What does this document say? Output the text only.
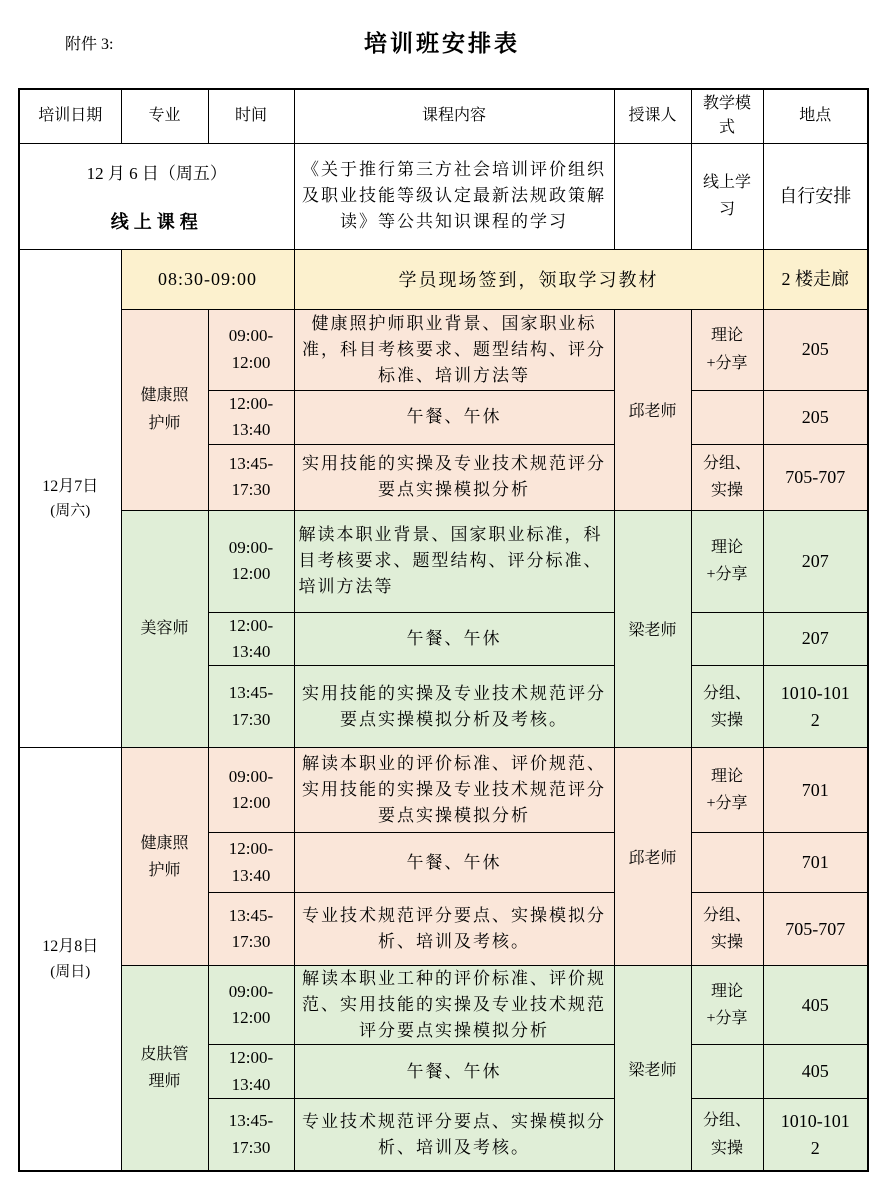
附件 3:	培训班安排表
培训日期	专业	时间	课程内容	授课人	教学模式	地点

12 月 6 日（周五）
线上课程			《关于推行第三方社会培训评价组织及职业技能等级认定最新法规政策解读》等公共知识课程的学习		线上学习	自行安排

12月7日
(周六)	08:30-09:00		学员现场签到，领取学习教材			2 楼走廊
	健康照护师	09:00-12:00	健康照护师职业背景、国家职业标准，科目考核要求、题型结构、评分标准、培训方法等	邱老师	理论+分享	205
		12:00-13:40	午餐、午休			205
		13:45-17:30	实用技能的实操及专业技术规范评分要点实操模拟分析		分组、实操	705-707
	美容师	09:00-12:00	解读本职业背景、国家职业标准，科目考核要求、题型结构、评分标准、培训方法等	梁老师	理论+分享	207
		12:00-13:40	午餐、午休			207
		13:45-17:30	实用技能的实操及专业技术规范评分要点实操模拟分析及考核。		分组、实操	1010-1012

12月8日
(周日)	健康照护师	09:00-12:00	解读本职业的评价标准、评价规范、实用技能的实操及专业技术规范评分要点实操模拟分析	邱老师	理论+分享	701
		12:00-13:40	午餐、午休			701
		13:45-17:30	专业技术规范评分要点、实操模拟分析、培训及考核。		分组、实操	705-707
	皮肤管理师	09:00-12:00	解读本职业工种的评价标准、评价规范、实用技能的实操及专业技术规范评分要点实操模拟分析	梁老师	理论+分享	405
		12:00-13:40	午餐、午休			405
		13:45-17:30	专业技术规范评分要点、实操模拟分析、培训及考核。		分组、实操	1010-1012
